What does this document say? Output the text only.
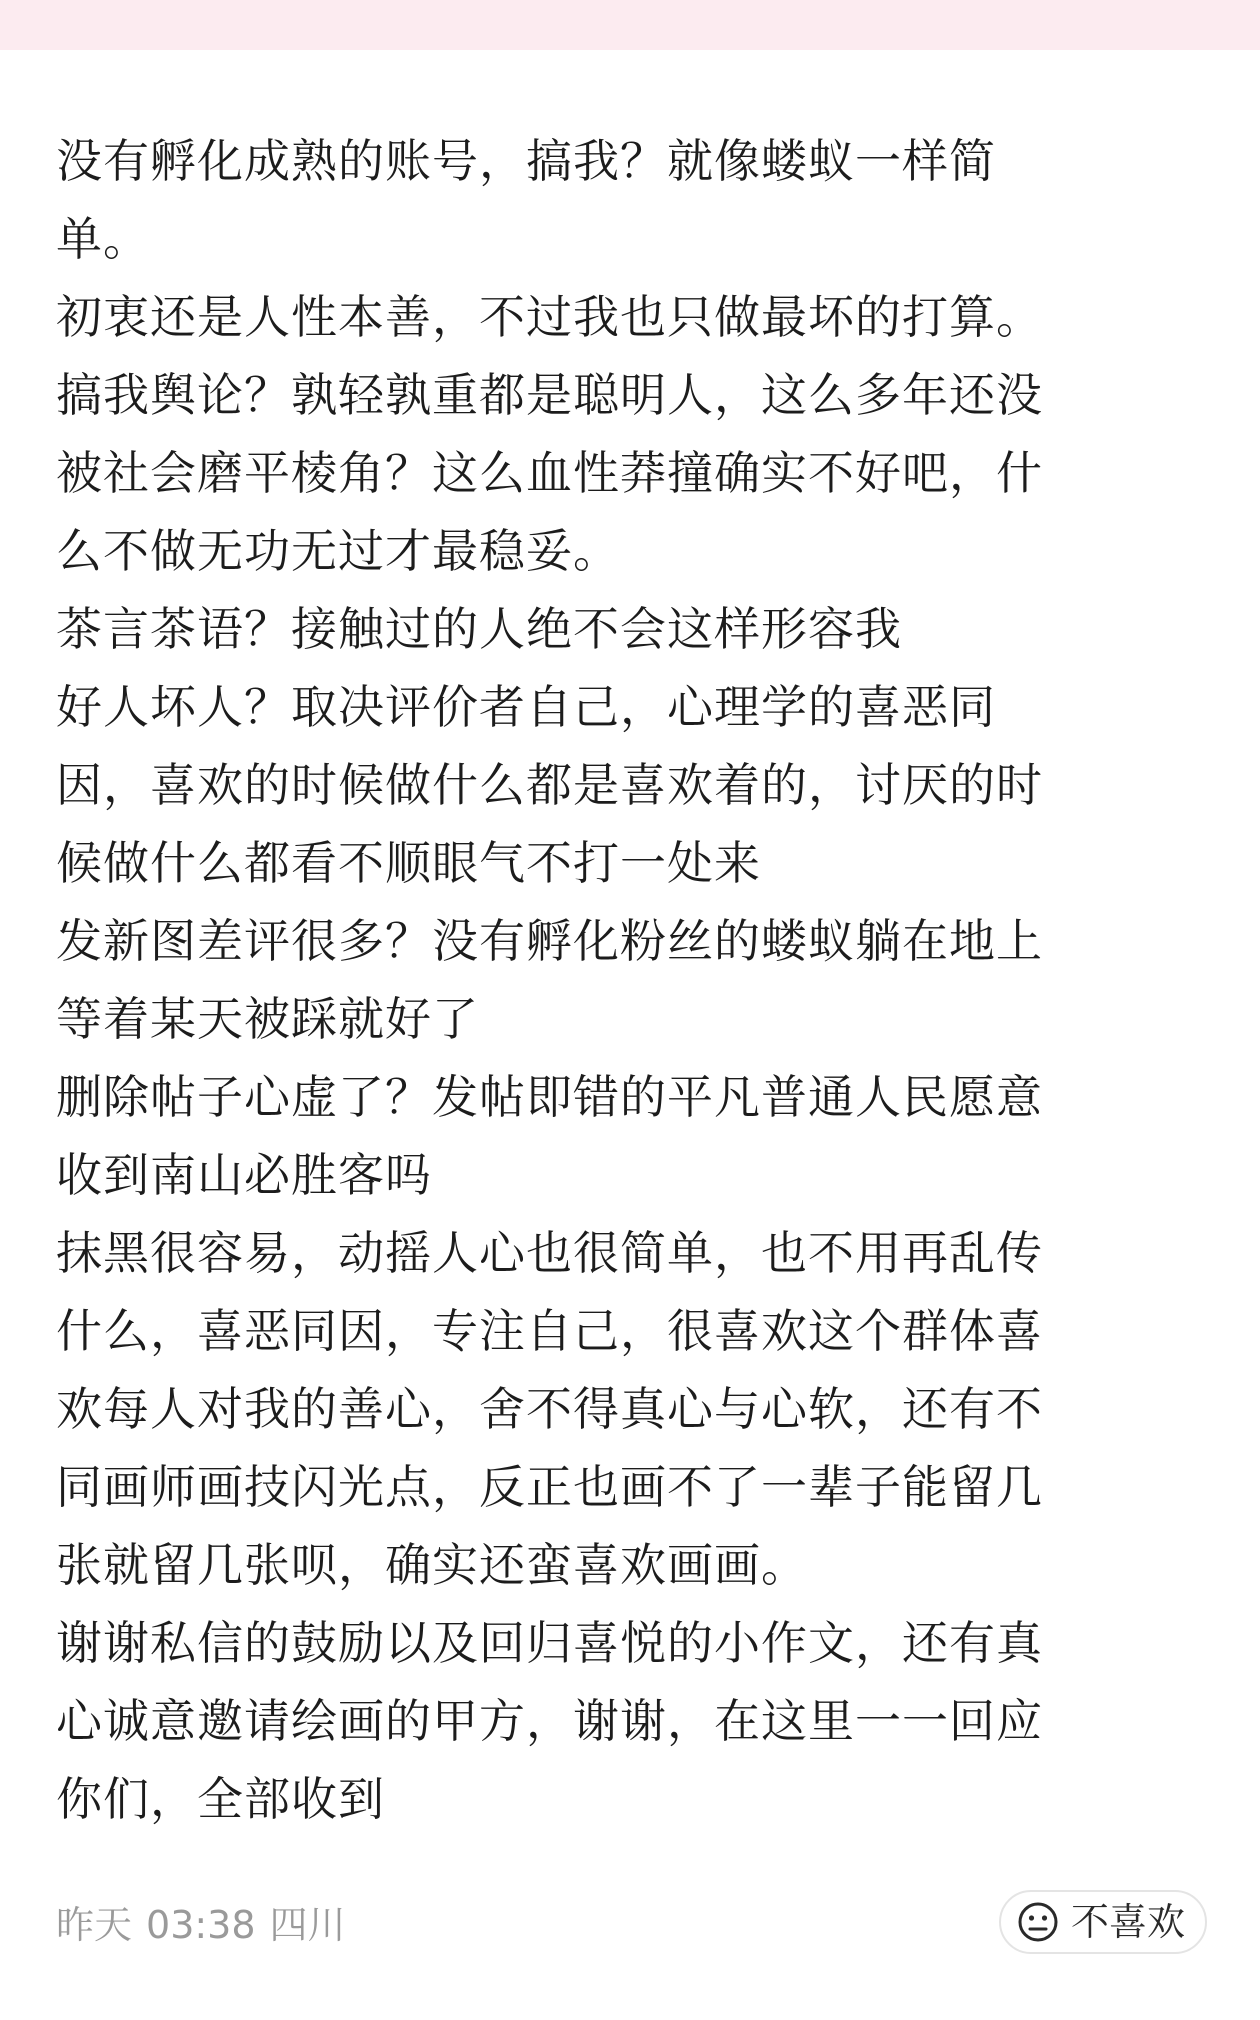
没有孵化成熟的账号，搞我？就像蝼蚁一样简
单。
初衷还是人性本善，不过我也只做最坏的打算。
搞我舆论？孰轻孰重都是聪明人，这么多年还没
被社会磨平棱角？这么血性莽撞确实不好吧，什
么不做无功无过才最稳妥。
茶言茶语？接触过的人绝不会这样形容我
好人坏人？取决评价者自己，心理学的喜恶同
因，喜欢的时候做什么都是喜欢着的，讨厌的时
候做什么都看不顺眼气不打一处来
发新图差评很多？没有孵化粉丝的蝼蚁躺在地上
等着某天被踩就好了
删除帖子心虚了？发帖即错的平凡普通人民愿意
收到南山必胜客吗
抹黑很容易，动摇人心也很简单，也不用再乱传
什么，喜恶同因，专注自己，很喜欢这个群体喜
欢每人对我的善心，舍不得真心与心软，还有不
同画师画技闪光点，反正也画不了一辈子能留几
张就留几张呗，确实还蛮喜欢画画。
谢谢私信的鼓励以及回归喜悦的小作文，还有真
心诚意邀请绘画的甲方，谢谢，在这里一一回应
你们，全部收到
昨天 03:38 四川	不喜欢
